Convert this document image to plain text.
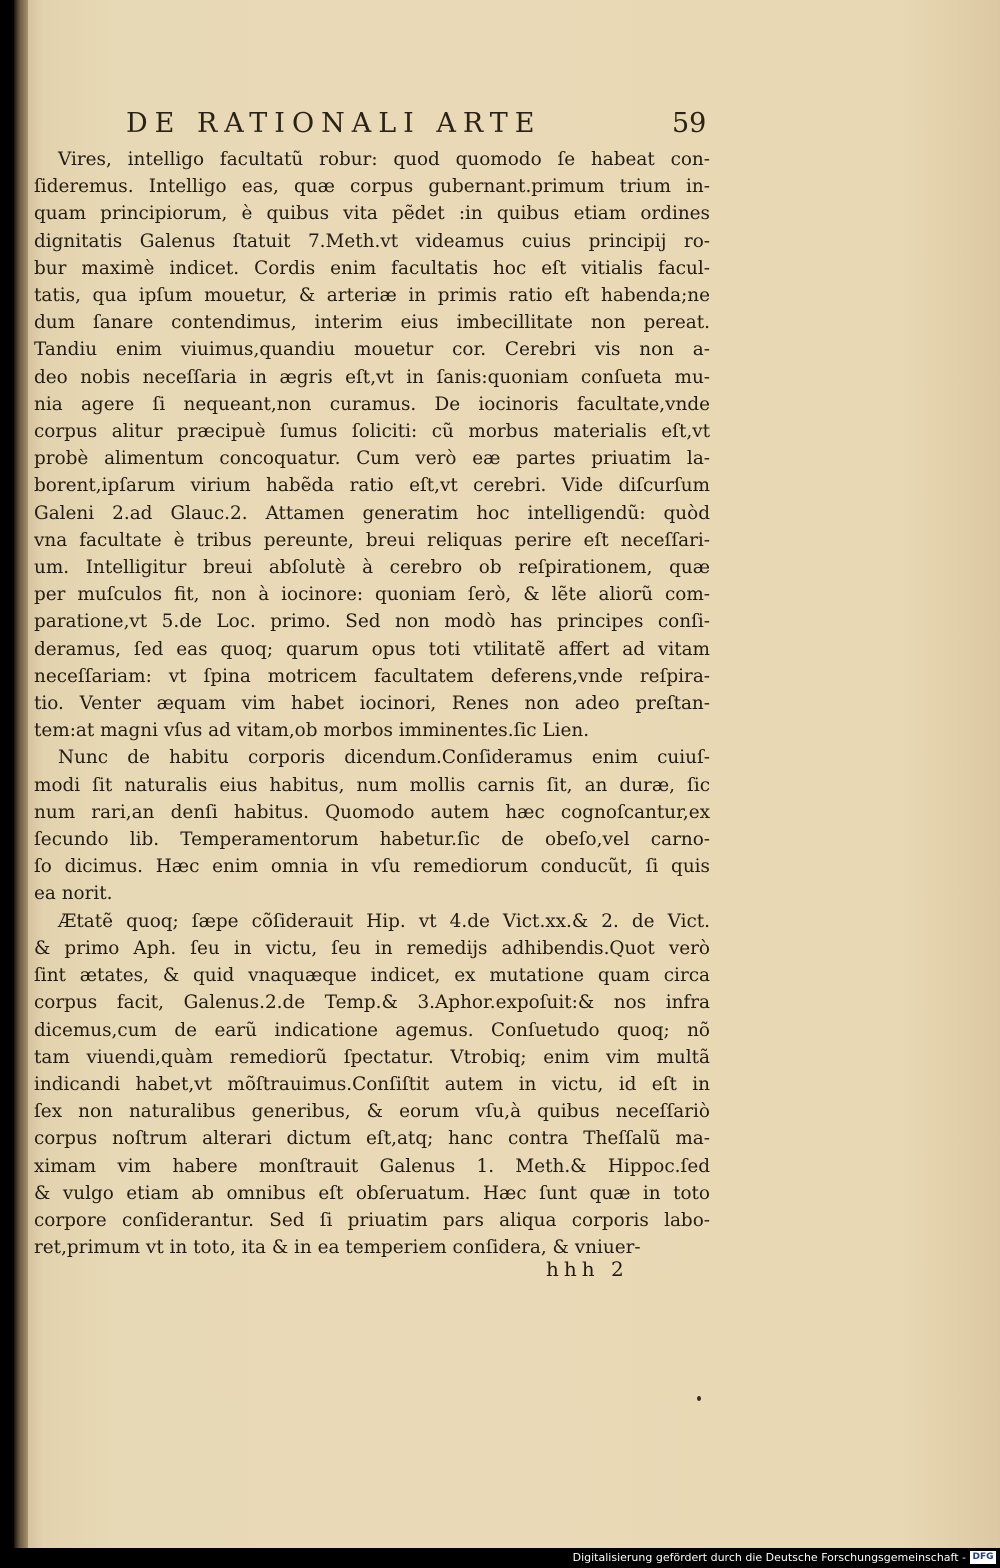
DE RATIONALI ARTE	59

Vires, intelligo facultatũ robur: quod quomodo ſe habeat con-
ſideremus. Intelligo eas, quæ corpus gubernant.primum trium in-
quam principiorum, è quibus vita pẽdet :in quibus etiam ordines
dignitatis Galenus ſtatuit 7.Meth.vt videamus cuius principij ro-
bur maximè indicet. Cordis enim facultatis hoc eſt vitialis facul-
tatis, qua ipſum mouetur, & arteriæ in primis ratio eſt habenda;ne
dum ſanare contendimus, interim eius imbecillitate non pereat.
Tandiu enim viuimus,quandiu mouetur cor. Cerebri vis non a-
deo nobis neceſſaria in ægris eſt,vt in ſanis:quoniam conſueta mu-
nia agere ſi nequeant,non curamus. De iocinoris facultate,vnde
corpus alitur præcipuè ſumus ſoliciti: cũ morbus materialis eſt,vt
probè alimentum concoquatur. Cum verò eæ partes priuatim la-
borent,ipſarum virium habẽda ratio eſt,vt cerebri. Vide diſcurſum
Galeni 2.ad Glauc.2. Attamen generatim hoc intelligendũ: quòd
vna facultate è tribus pereunte, breui reliquas perire eſt neceſſari-
um. Intelligitur breui abſolutè à cerebro ob reſpirationem, quæ
per muſculos fit, non à iocinore: quoniam ſerò, & lẽte aliorũ com-
paratione,vt 5.de Loc. primo. Sed non modò has principes conſi-
deramus, ſed eas quoq; quarum opus toti vtilitatẽ affert ad vitam
neceſſariam: vt ſpina motricem facultatem deferens,vnde reſpira-
tio. Venter æquam vim habet iocinori, Renes non adeo preſtan-
tem:at magni vſus ad vitam,ob morbos imminentes.ſic Lien.

Nunc de habitu corporis dicendum.Conſideramus enim cuiuſ-
modi ſit naturalis eius habitus, num mollis carnis ſit, an duræ, ſic
num rari,an denſi habitus. Quomodo autem hæc cognoſcantur,ex
ſecundo lib. Temperamentorum habetur.ſic de obeſo,vel carno-
ſo dicimus. Hæc enim omnia in vſu remediorum conducũt, ſi quis
ea norit.

Ætatẽ quoq; ſæpe cõſiderauit Hip. vt 4.de Vict.xx.& 2. de Vict.
& primo Aph. ſeu in victu, ſeu in remedijs adhibendis.Quot verò
ſint ætates, & quid vnaquæque indicet, ex mutatione quam circa
corpus facit, Galenus.2.de Temp.& 3.Aphor.expoſuit:& nos infra
dicemus,cum de earũ indicatione agemus. Conſuetudo quoq; nõ
tam viuendi,quàm remediorũ ſpectatur. Vtrobiq; enim vim multã
indicandi habet,vt mõſtrauimus.Conſiſtit autem in victu, id eſt in
ſex non naturalibus generibus, & eorum vſu,à quibus neceſſariò
corpus noſtrum alterari dictum eſt,atq; hanc contra Theſſalũ ma-
ximam vim habere monſtrauit Galenus 1. Meth.& Hippoc.ſed
& vulgo etiam ab omnibus eſt obſeruatum. Hæc ſunt quæ in toto
corpore conſiderantur. Sed ſi priuatim pars aliqua corporis labo-
ret,primum vt in toto, ita & in ea temperiem conſidera, & vniuer-

hhh 2
Digitalisierung gefördert durch die Deutsche Forschungsgemeinschaft - DFG
